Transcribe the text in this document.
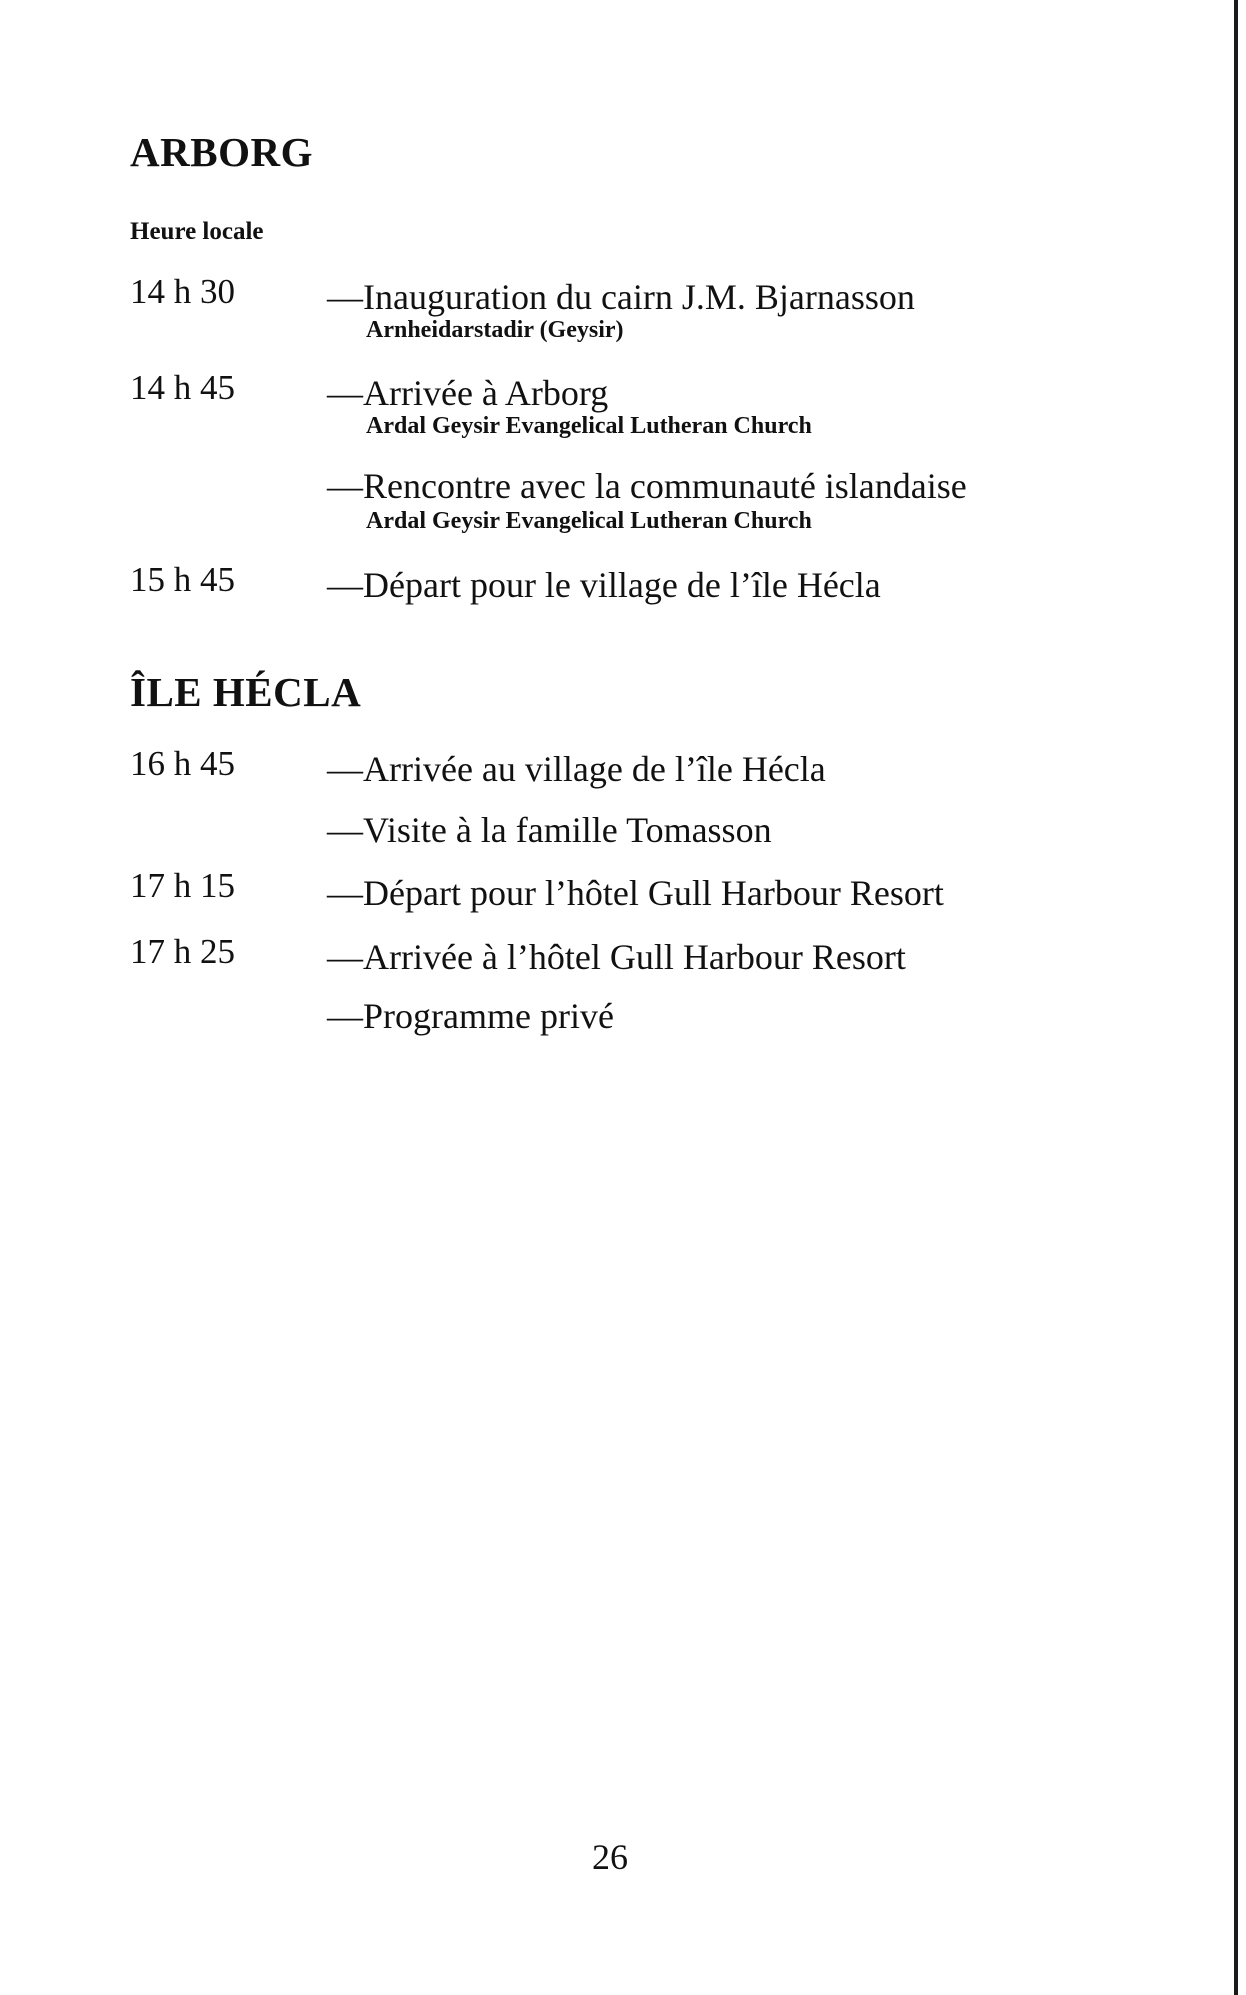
ARBORG
Heure locale
14 h 30	—Inauguration du cairn J.M. Bjarnasson
Arnheidarstadir (Geysir)
14 h 45	—Arrivée à Arborg
Ardal Geysir Evangelical Lutheran Church
—Rencontre avec la communauté islandaise
Ardal Geysir Evangelical Lutheran Church
15 h 45	—Départ pour le village de l’île Hécla
ÎLE HÉCLA
16 h 45	—Arrivée au village de l’île Hécla
—Visite à la famille Tomasson
17 h 15	—Départ pour l’hôtel Gull Harbour Resort
17 h 25	—Arrivée à l’hôtel Gull Harbour Resort
—Programme privé
26
